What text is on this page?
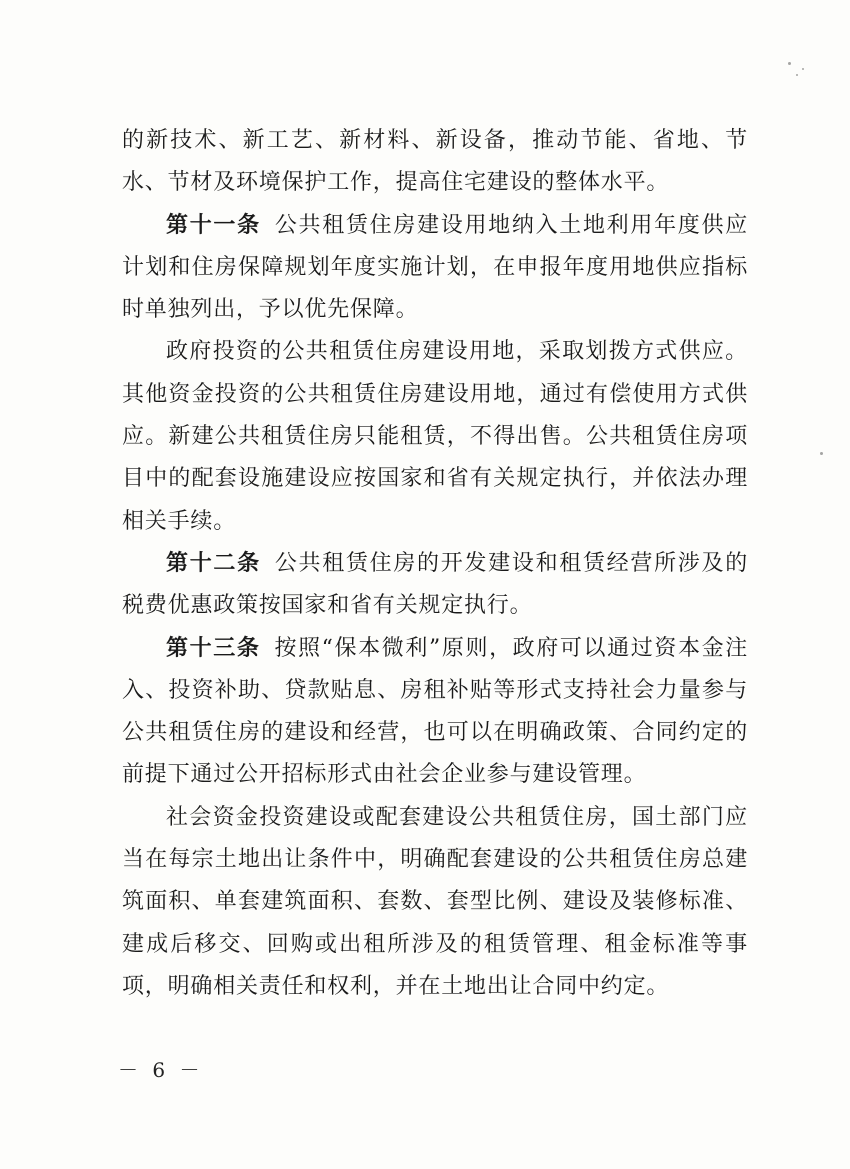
的新技术、新工艺、新材料、新设备，推动节能、省地、节水、节材及环境保护工作，提高住宅建设的整体水平。

第十一条 公共租赁住房建设用地纳入土地利用年度供应计划和住房保障规划年度实施计划，在申报年度用地供应指标时单独列出，予以优先保障。

政府投资的公共租赁住房建设用地，采取划拨方式供应。其他资金投资的公共租赁住房建设用地，通过有偿使用方式供应。新建公共租赁住房只能租赁，不得出售。公共租赁住房项目中的配套设施建设应按国家和省有关规定执行，并依法办理相关手续。

第十二条 公共租赁住房的开发建设和租赁经营所涉及的税费优惠政策按国家和省有关规定执行。

第十三条 按照“保本微利”原则，政府可以通过资本金注入、投资补助、贷款贴息、房租补贴等形式支持社会力量参与公共租赁住房的建设和经营，也可以在明确政策、合同约定的前提下通过公开招标形式由社会企业参与建设管理。

社会资金投资建设或配套建设公共租赁住房，国土部门应当在每宗土地出让条件中，明确配套建设的公共租赁住房总建筑面积、单套建筑面积、套数、套型比例、建设及装修标准、建成后移交、回购或出租所涉及的租赁管理、租金标准等事项，明确相关责任和权利，并在土地出让合同中约定。

－ 6 －
